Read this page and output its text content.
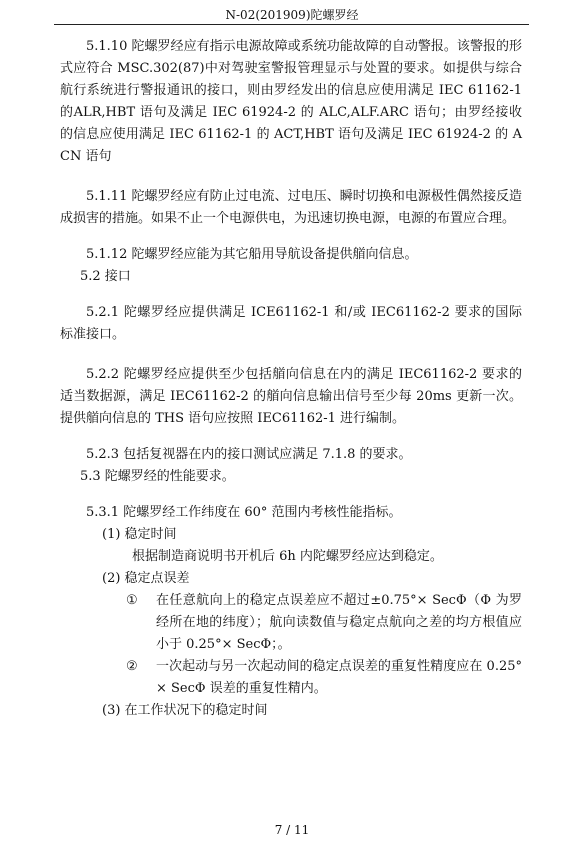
N-02(201909)陀螺罗经

5.1.10 陀螺罗经应有指示电源故障或系统功能故障的自动警报。该警报的形式应符合 MSC.302(87)中对驾驶室警报管理显示与处置的要求。如提供与综合航行系统进行警报通讯的接口，则由罗经发出的信息应使用满足 IEC 61162-1 的ALR,HBT 语句及满足 IEC 61924-2 的 ALC,ALF.ARC 语句；由罗经接收的信息应使用满足 IEC 61162-1 的 ACT,HBT 语句及满足 IEC 61924-2 的 ACN 语句

5.1.11 陀螺罗经应有防止过电流、过电压、瞬时切换和电源极性偶然接反造成损害的措施。如果不止一个电源供电，为迅速切换电源，电源的布置应合理。

5.1.12 陀螺罗经应能为其它船用导航设备提供艏向信息。

5.2 接口

5.2.1 陀螺罗经应提供满足 ICE61162-1 和/或 IEC61162-2 要求的国际标准接口。

5.2.2 陀螺罗经应提供至少包括艏向信息在内的满足 IEC61162-2 要求的适当数据源，满足 IEC61162-2 的艏向信息输出信号至少每 20ms 更新一次。提供艏向信息的 THS 语句应按照 IEC61162-1 进行编制。

5.2.3 包括复视器在内的接口测试应满足 7.1.8 的要求。

5.3 陀螺罗经的性能要求。

5.3.1 陀螺罗经工作纬度在 60° 范围内考核性能指标。

(1) 稳定时间

根据制造商说明书开机后 6h 内陀螺罗经应达到稳定。

(2) 稳定点误差

① 在任意航向上的稳定点误差应不超过±0.75°× SecΦ（Φ 为罗经所在地的纬度）；航向读数值与稳定点航向之差的均方根值应小于 0.25°× SecΦ；。

② 一次起动与另一次起动间的稳定点误差的重复性精度应在 0.25°× SecΦ 误差的重复性精内。

(3) 在工作状况下的稳定时间

7 / 11
